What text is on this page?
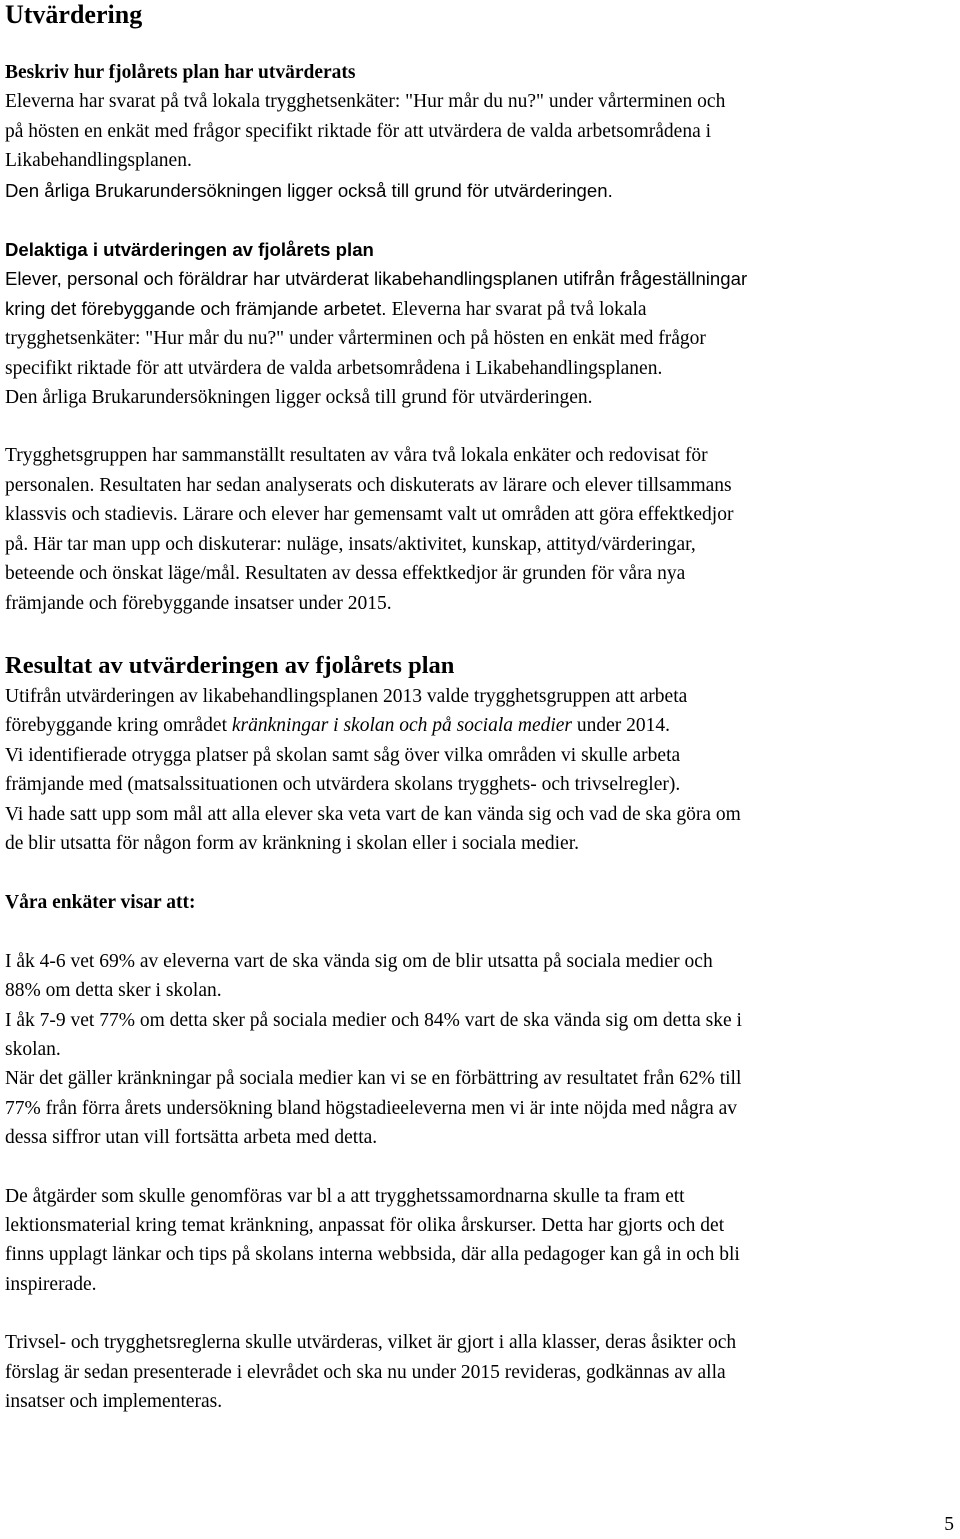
Utvärdering

Beskriv hur fjolårets plan har utvärderats

Eleverna har svarat på två lokala trygghetsenkäter: "Hur mår du nu?" under vårterminen och
på hösten en enkät med frågor specifikt riktade för att utvärdera de valda arbetsområdena i
Likabehandlingsplanen.

Den årliga Brukarundersökningen ligger också till grund för utvärderingen.

Delaktiga i utvärderingen av fjolårets plan

Elever, personal och föräldrar har utvärderat likabehandlingsplanen utifrån frågeställningar
kring det förebyggande och främjande arbetet. Eleverna har svarat på två lokala

trygghetsenkäter: "Hur mår du nu?" under vårterminen och på hösten en enkät med frågor
specifikt riktade för att utvärdera de valda arbetsområdena i Likabehandlingsplanen.
Den årliga Brukarundersökningen ligger också till grund för utvärderingen.

Trygghetsgruppen har sammanställt resultaten av våra två lokala enkäter och redovisat för
personalen. Resultaten har sedan analyserats och diskuterats av lärare och elever tillsammans
klassvis och stadievis. Lärare och elever har gemensamt valt ut områden att göra effektkedjor
på. Här tar man upp och diskuterar: nuläge, insats/aktivitet, kunskap, attityd/värderingar,
beteende och önskat läge/mål. Resultaten av dessa effektkedjor är grunden för våra nya
främjande och förebyggande insatser under 2015.

Resultat av utvärderingen av fjolårets plan

Utifrån utvärderingen av likabehandlingsplanen 2013 valde trygghetsgruppen att arbeta
förebyggande kring området kränkningar i skolan och på sociala medier under 2014.
Vi identifierade otrygga platser på skolan samt såg över vilka områden vi skulle arbeta
främjande med (matsalssituationen och utvärdera skolans trygghets- och trivselregler).
Vi hade satt upp som mål att alla elever ska veta vart de kan vända sig och vad de ska göra om
de blir utsatta för någon form av kränkning i skolan eller i sociala medier.

Våra enkäter visar att:

I åk 4-6 vet 69% av eleverna vart de ska vända sig om de blir utsatta på sociala medier och
88% om detta sker i skolan.
I åk 7-9 vet 77% om detta sker på sociala medier och 84% vart de ska vända sig om detta ske i
skolan.
När det gäller kränkningar på sociala medier kan vi se en förbättring av resultatet från 62% till
77% från förra årets undersökning bland högstadieeleverna men vi är inte nöjda med några av
dessa siffror utan vill fortsätta arbeta med detta.

De åtgärder som skulle genomföras var bl a att trygghetssamordnarna skulle ta fram ett
lektionsmaterial kring temat kränkning, anpassat för olika årskurser. Detta har gjorts och det
finns upplagt länkar och tips på skolans interna webbsida, där alla pedagoger kan gå in och bli
inspirerade.

Trivsel- och trygghetsreglerna skulle utvärderas, vilket är gjort i alla klasser, deras åsikter och
förslag är sedan presenterade i elevrådet och ska nu under 2015 revideras, godkännas av alla
insatser och implementeras.

5
